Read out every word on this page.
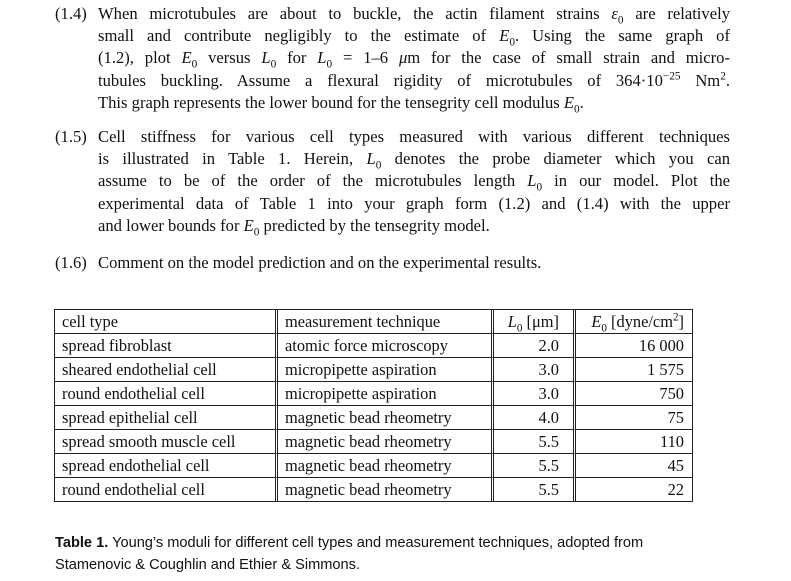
(1.4) When microtubules are about to buckle, the actin filament strains $\varepsilon_0$ are relatively
small and contribute negligibly to the estimate of $E_0$. Using the same graph of
(1.2), plot $E_0$ versus $L_0$ for $L_0 = 1-6$ μm for the case of small strain and micro-
tubules buckling. Assume a flexural rigidity of microtubules of $364\cdot 10^{-25}$ Nm$^2$.
This graph represents the lower bound for the tensegrity cell modulus $E_0$.
(1.5) Cell stiffness for various cell types measured with various different techniques
is illustrated in Table 1. Herein, $L_0$ denotes the probe diameter which you can
assume to be of the order of the microtubules length $L_0$ in our model. Plot the
experimental data of Table 1 into your graph form (1.2) and (1.4) with the upper
and lower bounds for $E_0$ predicted by the tensegrity model.
(1.6) Comment on the model prediction and on the experimental results.
cell type	measurement technique	$L_0$ [μm]	$E_0$ $[dyne/cm^2]$
spread fibroblast	atomic force microscopy	2.0	16 000
sheared endothelial cell	micropipette aspiration	3.0	1 575
round endothelial cell	micropipette aspiration	3.0	750
spread epithelial cell	magnetic bead rheometry	4.0	75
spread smooth muscle cell	magnetic bead rheometry	5.5	110
spread endothelial cell	magnetic bead rheometry	5.5	45
round endothelial cell	magnetic bead rheometry	5.5	22
Table 1. Young’s moduli for different cell types and measurement techniques, adopted from
Stamenovic & Coughlin and Ethier & Simmons.
